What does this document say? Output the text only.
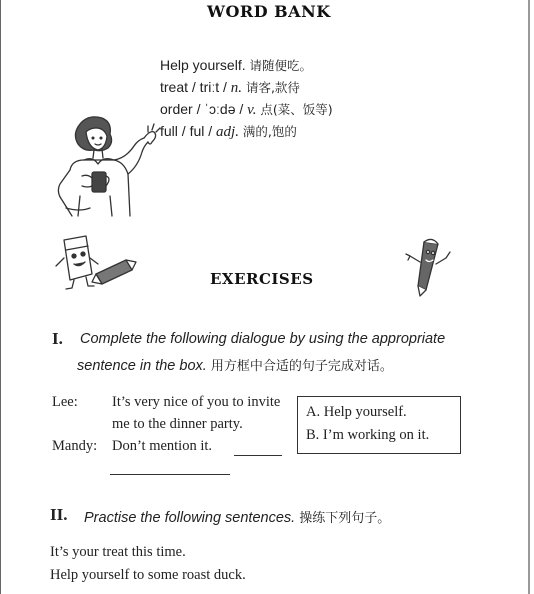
WORD BANK
Help yourself. 请随便吃。
treat / triːt / n. 请客,款待
order / ˈɔːdə / v. 点(菜、饭等)
full / ful / adj. 满的,饱的
EXERCISES
I. Complete the following dialogue by using the appropriate
sentence in the box. 用方框中合适的句子完成对话。
Lee: It’s very nice of you to invite
me to the dinner party.
Mandy: Don’t mention it.
A. Help yourself.
B. I’m working on it.
II. Practise the following sentences. 操练下列句子。
It’s your treat this time.
Help yourself to some roast duck.
